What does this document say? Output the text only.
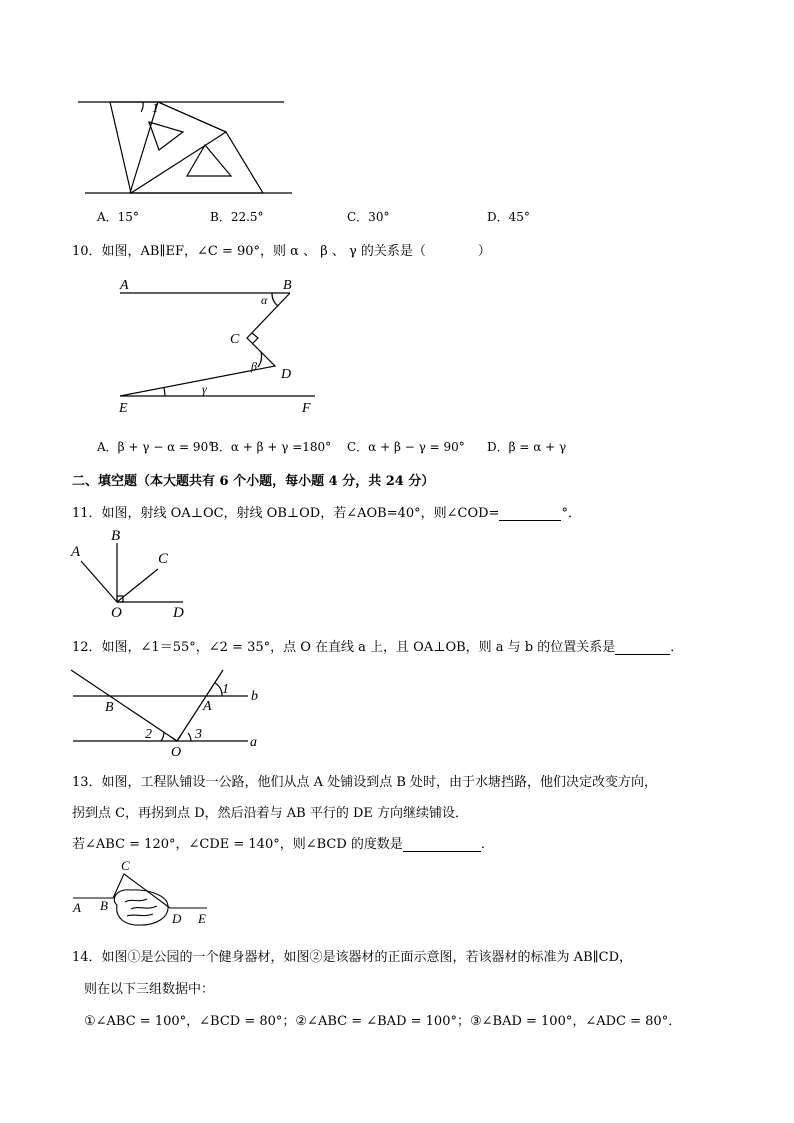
1
A．15°	B．22.5°	C．30°	D．45°
10．如图，AB∥EF，∠C = 90°，则 α 、 β 、 γ 的关系是（　　　　）
A	B
α
C
β
D
γ
E	F
A．β + γ − α = 90°
B．α + β + γ =180° C．α + β − γ = 90° D．β = α + γ
二、填空题（本大题共有 6 个小题，每小题 4 分，共 24 分）
11．如图，射线 OA⊥OC，射线 OB⊥OD，若∠AOB=40°，则∠COD=	°．
A
B
C
O	D
12．如图，∠1＝55°，∠2 = 35°，点 O 在直线 a 上，且 OA⊥OB，则 a 与 b 的位置关系是	．
1 b
B	A
2	3
O
a
13．如图，工程队铺设一公路，他们从点 A 处铺设到点 B 处时，由于水塘挡路，他们决定改变方向，
拐到点 C，再拐到点 D，然后沿着与 AB 平行的 DE 方向继续铺设．
若∠ABC = 120°，∠CDE = 140°，则∠BCD 的度数是	．
A B
C
D E
14．如图①是公园的一个健身器材，如图②是该器材的正面示意图，若该器材的标准为 AB∥CD，
则在以下三组数据中：
①∠ABC = 100°，∠BCD = 80°；②∠ABC = ∠BAD = 100°；③∠BAD = 100°，∠ADC = 80°．
